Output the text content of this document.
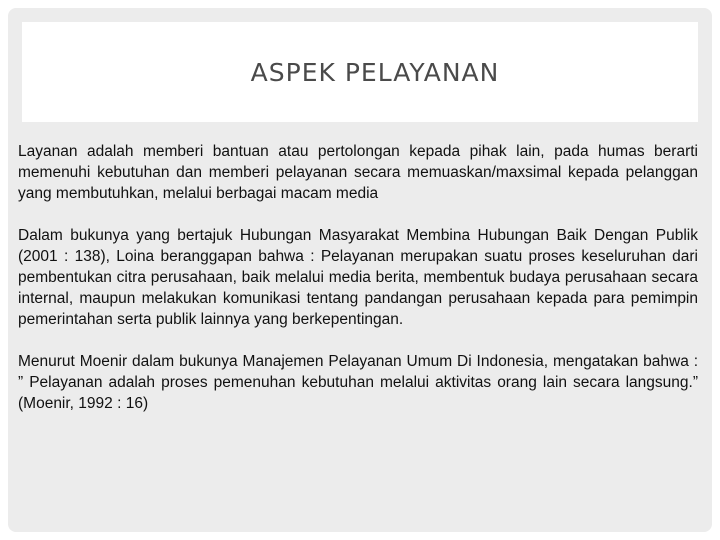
ASPEK PELAYANAN

Layanan adalah memberi bantuan atau pertolongan kepada pihak lain, pada humas berarti memenuhi kebutuhan dan memberi pelayanan secara memuaskan/maxsimal kepada pelanggan yang membutuhkan, melalui berbagai macam media

Dalam bukunya yang bertajuk Hubungan Masyarakat Membina Hubungan Baik Dengan Publik (2001 : 138), Loina beranggapan bahwa : Pelayanan merupakan suatu proses keseluruhan dari pembentukan citra perusahaan, baik melalui media berita, membentuk budaya perusahaan secara internal, maupun melakukan komunikasi tentang pandangan perusahaan kepada para pemimpin pemerintahan serta publik lainnya yang berkepentingan.

Menurut Moenir dalam bukunya Manajemen Pelayanan Umum Di Indonesia, mengatakan bahwa : ” Pelayanan adalah proses pemenuhan kebutuhan melalui aktivitas orang lain secara langsung.” (Moenir, 1992 : 16)
